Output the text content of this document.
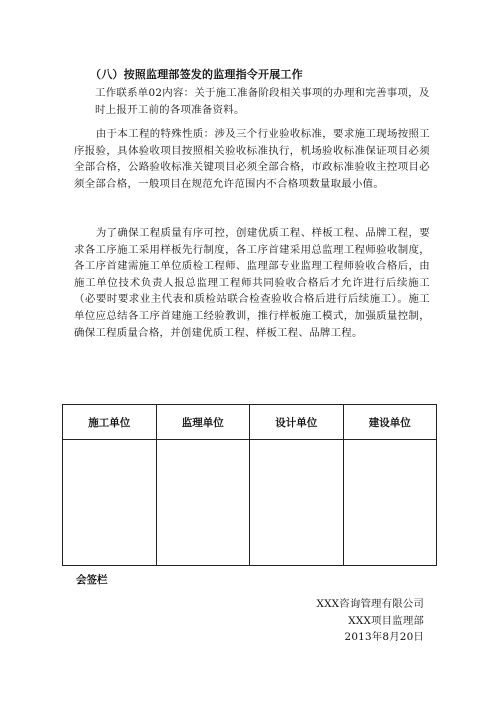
（八）按照监理部签发的监理指令开展工作
工作联系单02内容：关于施工准备阶段相关事项的办理和完善事项，及时上报开工前的各项准备资料。
由于本工程的特殊性质：涉及三个行业验收标准，要求施工现场按照工序报验，具体验收项目按照相关验收标准执行，机场验收标准保证项目必须全部合格，公路验收标准关键项目必须全部合格，市政标准验收主控项目必须全部合格，一般项目在规范允许范围内不合格项数量取最小值。
为了确保工程质量有序可控，创建优质工程、样板工程、品牌工程，要求各工序施工采用样板先行制度，各工序首建采用总监理工程师验收制度，各工序首建需施工单位质检工程师、监理部专业监理工程师验收合格后，由施工单位技术负责人报总监理工程师共同验收合格后才允许进行后续施工（必要时要求业主代表和质检站联合检查验收合格后进行后续施工）。施工单位应总结各工序首建施工经验教训，推行样板施工模式，加强质量控制，确保工程质量合格，并创建优质工程、样板工程、品牌工程。
施工单位	监理单位	设计单位	建设单位

会签栏
XXX咨询管理有限公司
XXX项目监理部
2013年8月20日
